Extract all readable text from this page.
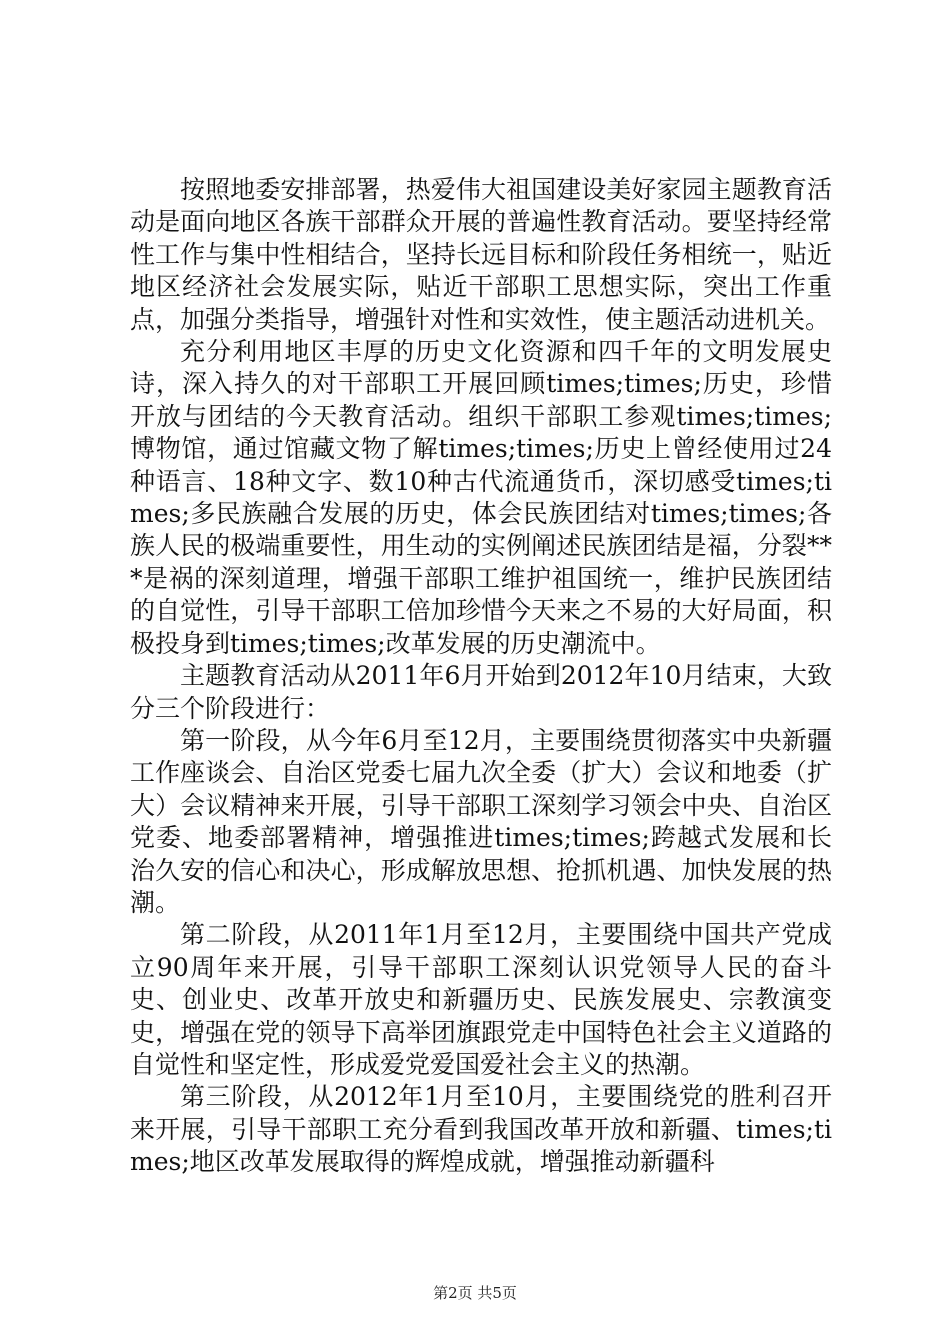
按照地委安排部署，热爱伟大祖国建设美好家园主题教育活动是面向地区各族干部群众开展的普遍性教育活动。要坚持经常性工作与集中性相结合，坚持长远目标和阶段任务相统一，贴近地区经济社会发展实际，贴近干部职工思想实际，突出工作重点，加强分类指导，增强针对性和实效性，使主题活动进机关。

充分利用地区丰厚的历史文化资源和四千年的文明发展史诗，深入持久的对干部职工开展回顾times;times;历史，珍惜开放与团结的今天教育活动。组织干部职工参观times;times;博物馆，通过馆藏文物了解times;times;历史上曾经使用过24种语言、18种文字、数10种古代流通货币，深切感受times;times;多民族融合发展的历史，体会民族团结对times;times;各族人民的极端重要性，用生动的实例阐述民族团结是福，分裂***是祸的深刻道理，增强干部职工维护祖国统一，维护民族团结的自觉性，引导干部职工倍加珍惜今天来之不易的大好局面，积极投身到times;times;改革发展的历史潮流中。

主题教育活动从2011年6月开始到2012年10月结束，大致分三个阶段进行：

第一阶段，从今年6月至12月，主要围绕贯彻落实中央新疆工作座谈会、自治区党委七届九次全委（扩大）会议和地委（扩大）会议精神来开展，引导干部职工深刻学习领会中央、自治区党委、地委部署精神，增强推进times;times;跨越式发展和长治久安的信心和决心，形成解放思想、抢抓机遇、加快发展的热潮。

第二阶段，从2011年1月至12月，主要围绕中国共产党成立90周年来开展，引导干部职工深刻认识党领导人民的奋斗史、创业史、改革开放史和新疆历史、民族发展史、宗教演变史，增强在党的领导下高举团旗跟党走中国特色社会主义道路的自觉性和坚定性，形成爱党爱国爱社会主义的热潮。

第三阶段，从2012年1月至10月，主要围绕党的胜利召开来开展，引导干部职工充分看到我国改革开放和新疆、times;times;地区改革发展取得的辉煌成就，增强推动新疆科

第2页 共5页
